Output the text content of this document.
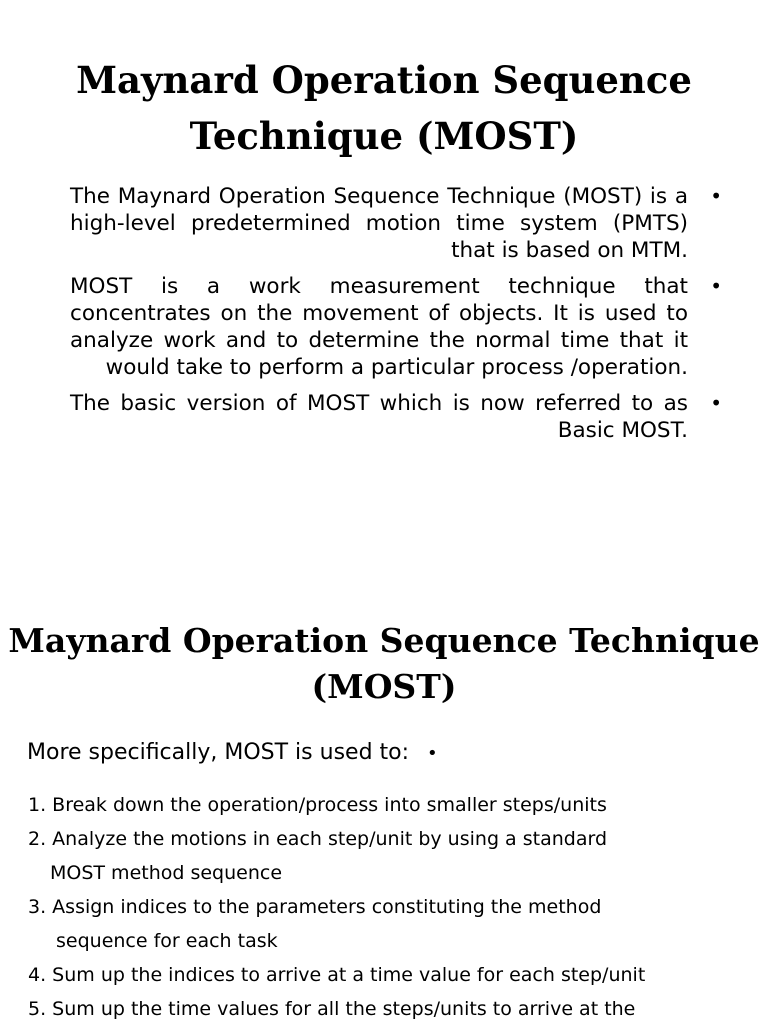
Maynard Operation Sequence
Technique (MOST)
The Maynard Operation Sequence Technique (MOST) is a high-level predetermined motion time system (PMTS) that is based on MTM.
•
MOST is a work measurement technique that concentrates on the movement of objects. It is used to analyze work and to determine the normal time that it would take to perform a particular process /operation.
•
The basic version of MOST which is now referred to as Basic MOST.
•
Maynard Operation Sequence Technique
(MOST)

More specifically, MOST is used to: •

1. Break down the operation/process into smaller steps/units
2. Analyze the motions in each step/unit by using a standard
MOST method sequence
3. Assign indices to the parameters constituting the method
sequence for each task
4. Sum up the indices to arrive at a time value for each step/unit
5. Sum up the time values for all the steps/units to arrive at the
